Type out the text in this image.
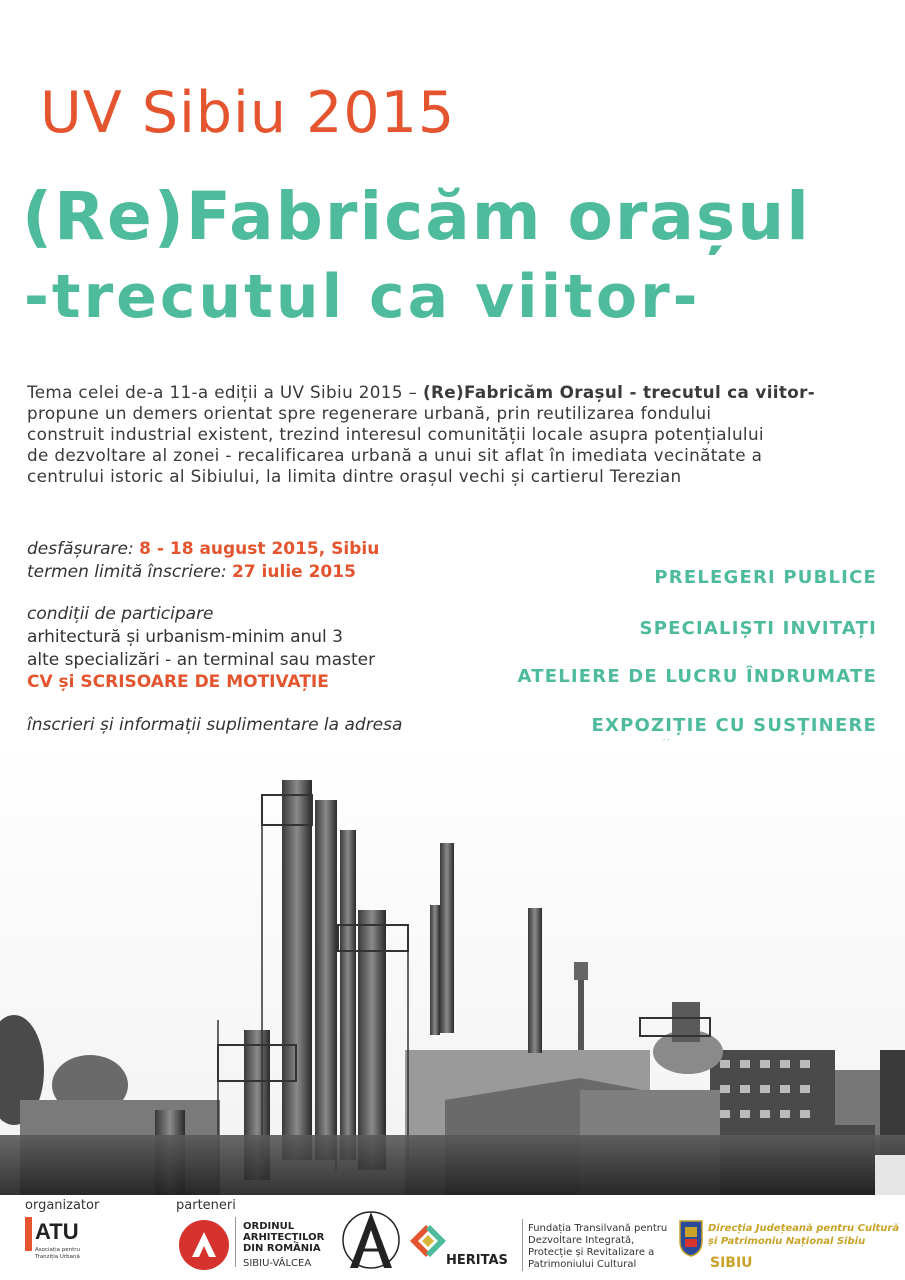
UV Sibiu 2015
(Re)Fabricăm orașul
-trecutul ca viitor-
Tema celei de-a 11-a ediții a UV Sibiu 2015 – (Re)Fabricăm Orașul - trecutul ca viitor-
propune un demers orientat spre regenerare urbană, prin reutilizarea fondului
construit industrial existent, trezind interesul comunității locale asupra potențialului
de dezvoltare al zonei - recalificarea urbană a unui sit aflat în imediata vecinătate a
centrului istoric al Sibiului, la limita dintre orașul vechi și cartierul Terezian
desfășurare: 8 - 18 august 2015, Sibiu
termen limită înscriere: 27 iulie 2015
condiții de participare
arhitectură și urbanism-minim anul 3
alte specializări - an terminal sau master
CV și SCRISOARE DE MOTIVAȚIE
înscrieri și informații suplimentare la adresa
PRELEGERI PUBLICE
SPECIALIȘTI INVITAȚI
ATELIERE DE LUCRU ÎNDRUMATE
EXPOZIȚIE CU SUSȚINERE
organizator	parteneri
ATU
Asociația pentru
Tranziția Urbană
ORDINUL
ARHITECȚILOR
DIN ROMÂNIA
SIBIU-VÂLCEA	HERITAS
Fundația Transilvană pentru
Dezvoltare Integrată,
Protecție și Revitalizare a
Patrimoniului Cultural
Direcția Județeană pentru Cultură
și Patrimoniu Național Sibiu
SIBIU
